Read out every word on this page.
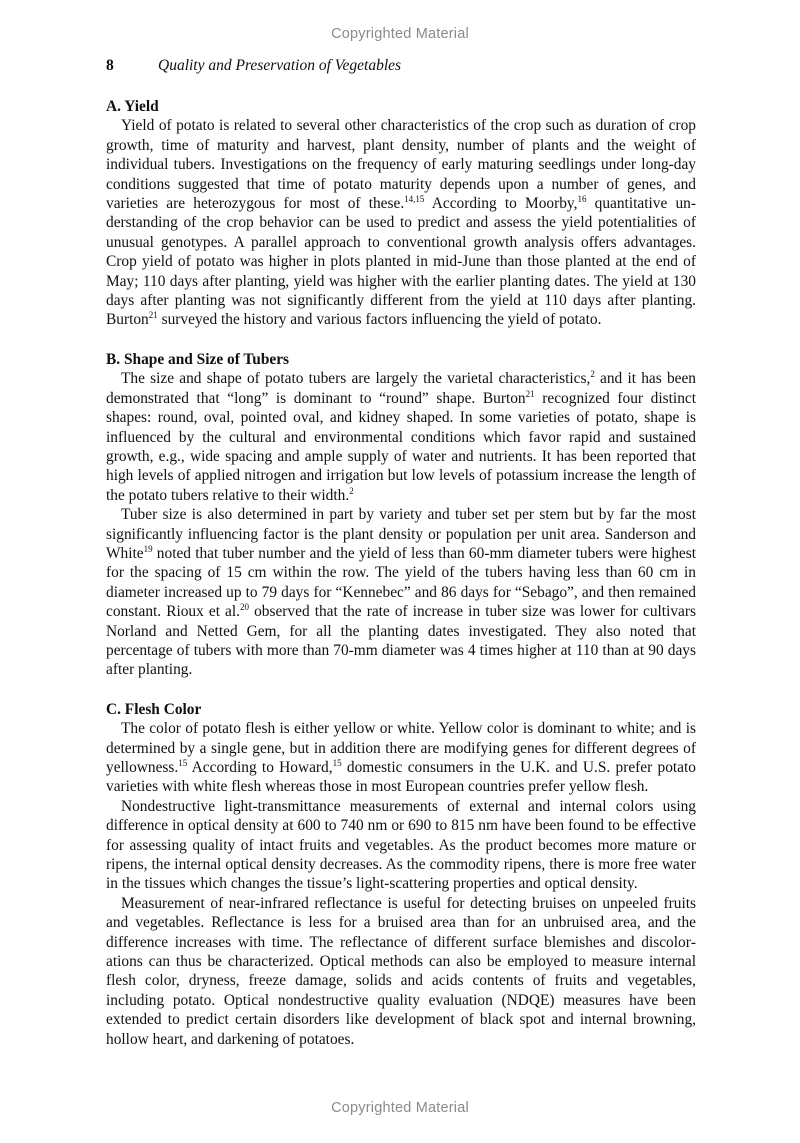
Copyrighted Material
8	Quality and Preservation of Vegetables
A. Yield

Yield of potato is related to several other characteristics of the crop such as duration of crop growth, time of maturity and harvest, plant density, number of plants and the weight of individual tubers. Investigations on the frequency of early maturing seedlings under long-day conditions suggested that time of potato maturity depends upon a number of genes, and varieties are heterozygous for most of these.$^{14,15}$ According to Moorby,$^{16}$ quantitative understanding of the crop behavior can be used to predict and assess the yield potentialities of unusual genotypes. A parallel approach to conventional growth analysis offers advantages. Crop yield of potato was higher in plots planted in mid-June than those planted at the end of May; 110 days after planting, yield was higher with the earlier planting dates. The yield at 130 days after planting was not significantly different from the yield at 110 days after planting. Burton$^{21}$ surveyed the history and various factors influencing the yield of potato.

B. Shape and Size of Tubers

The size and shape of potato tubers are largely the varietal characteristics,$^2$ and it has been demonstrated that “long” is dominant to “round” shape. Burton$^{21}$ recognized four distinct shapes: round, oval, pointed oval, and kidney shaped. In some varieties of potato, shape is influenced by the cultural and environmental conditions which favor rapid and sustained growth, e.g., wide spacing and ample supply of water and nutrients. It has been reported that high levels of applied nitrogen and irrigation but low levels of potassium increase the length of the potato tubers relative to their width.$^2$

Tuber size is also determined in part by variety and tuber set per stem but by far the most significantly influencing factor is the plant density or population per unit area. Sanderson and White$^{19}$ noted that tuber number and the yield of less than 60-mm diameter tubers were highest for the spacing of 15 cm within the row. The yield of the tubers having less than 60 cm in diameter increased up to 79 days for “Kennebec” and 86 days for “Sebago”, and then remained constant. Rioux et al.$^{20}$ observed that the rate of increase in tuber size was lower for cultivars Norland and Netted Gem, for all the planting dates investigated. They also noted that percentage of tubers with more than 70-mm diameter was 4 times higher at 110 than at 90 days after planting.

C. Flesh Color

The color of potato flesh is either yellow or white. Yellow color is dominant to white; and is determined by a single gene, but in addition there are modifying genes for different degrees of yellowness.$^{15}$ According to Howard,$^{15}$ domestic consumers in the U.K. and U.S. prefer potato varieties with white flesh whereas those in most European countries prefer yellow flesh.

Nondestructive light-transmittance measurements of external and internal colors using difference in optical density at 600 to 740 nm or 690 to 815 nm have been found to be effective for assessing quality of intact fruits and vegetables. As the product becomes more mature or ripens, the internal optical density decreases. As the commodity ripens, there is more free water in the tissues which changes the tissue’s light-scattering properties and optical density.

Measurement of near-infrared reflectance is useful for detecting bruises on unpeeled fruits and vegetables. Reflectance is less for a bruised area than for an unbruised area, and the difference increases with time. The reflectance of different surface blemishes and discolorations can thus be characterized. Optical methods can also be employed to measure internal flesh color, dryness, freeze damage, solids and acids contents of fruits and vegetables, including potato. Optical nondestructive quality evaluation (NDQE) measures have been extended to predict certain disorders like development of black spot and internal browning, hollow heart, and darkening of potatoes.

Copyrighted Material
